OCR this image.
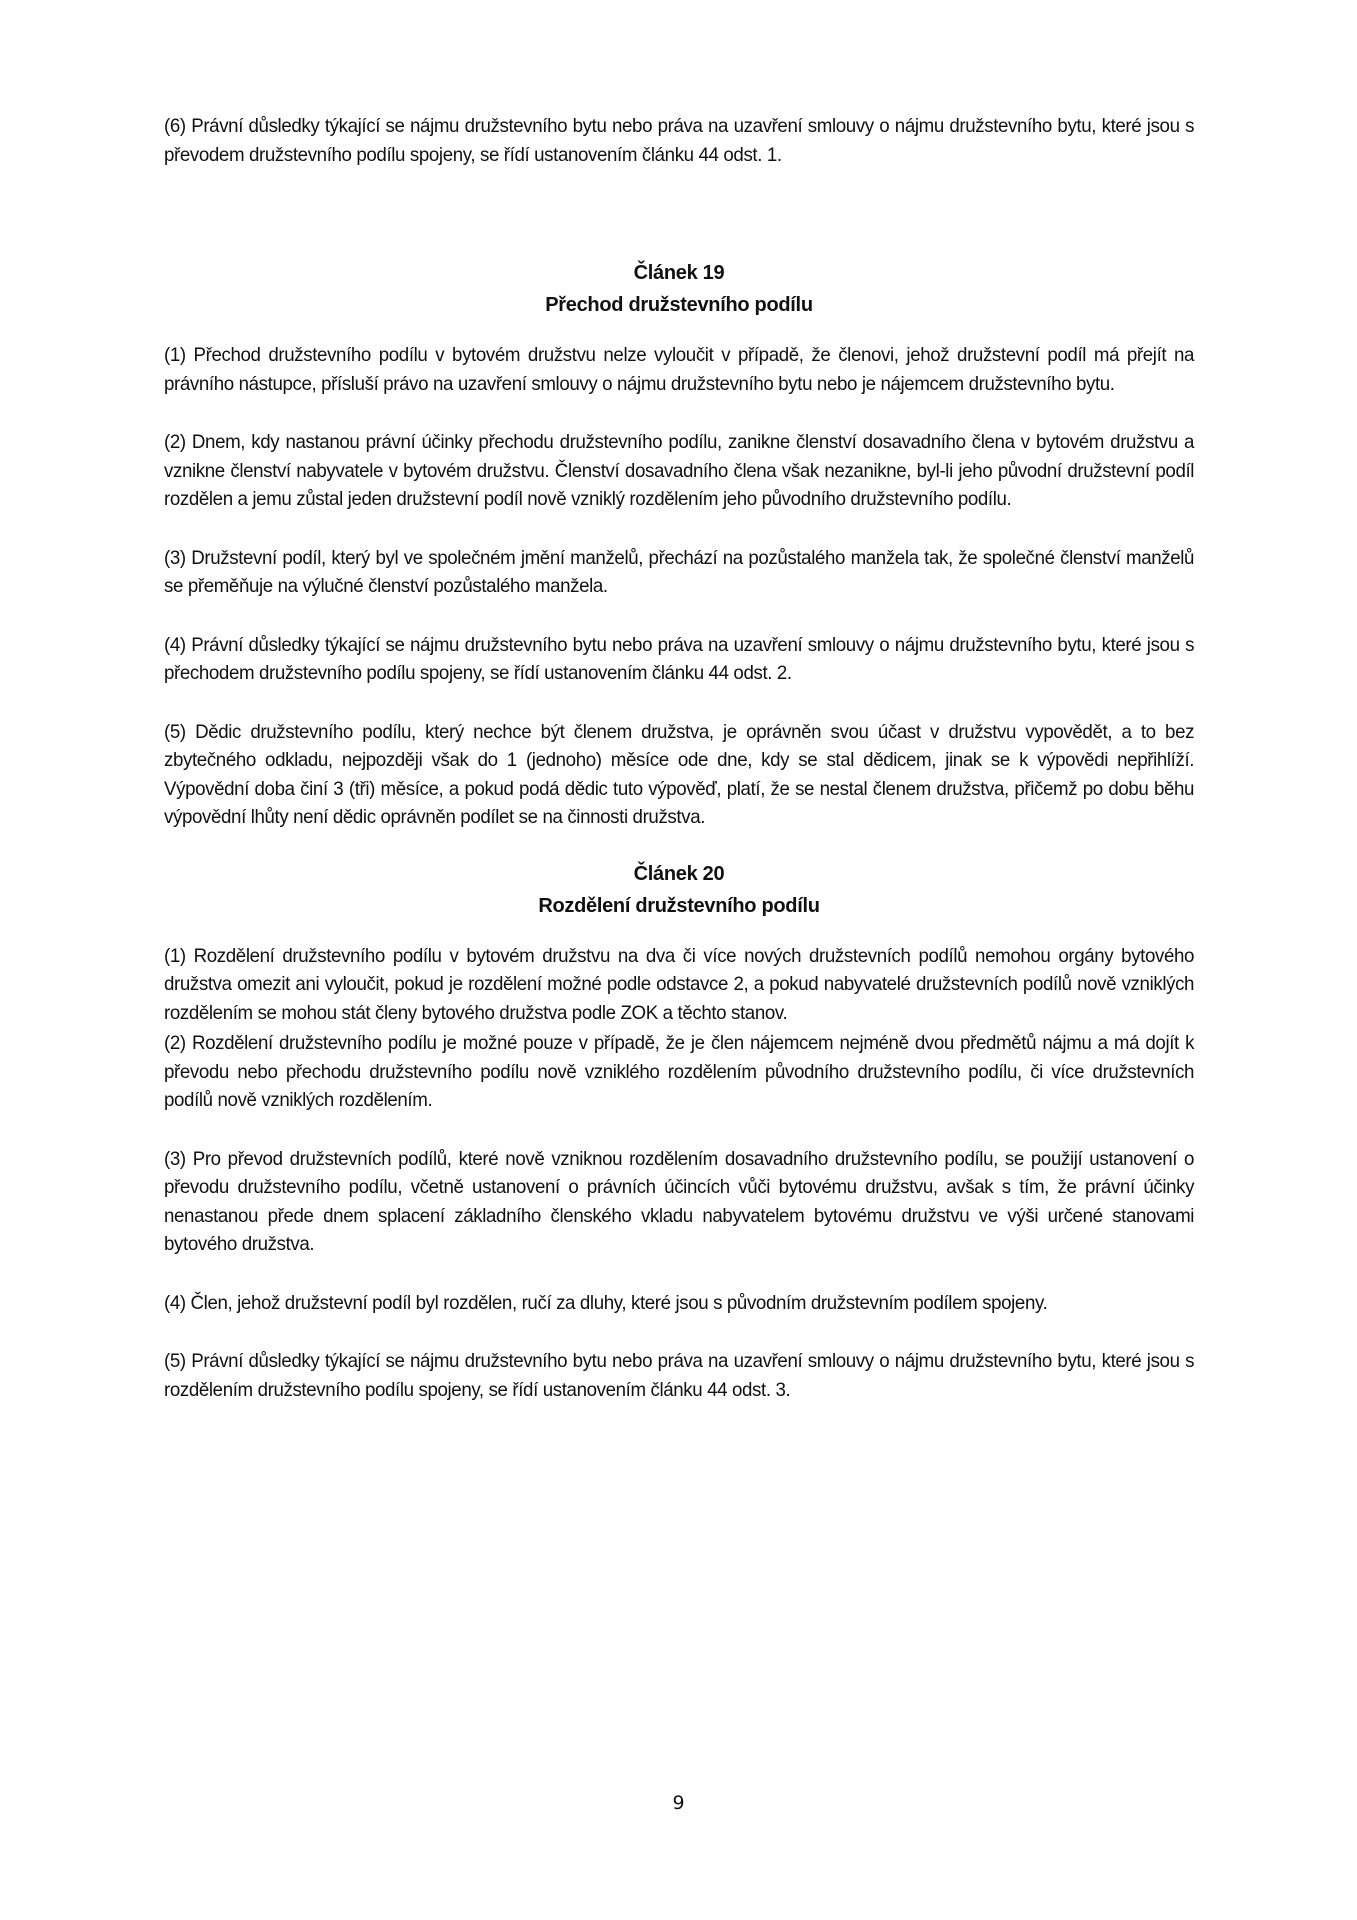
(6) Právní důsledky týkající se nájmu družstevního bytu nebo práva na uzavření smlouvy o nájmu družstevního bytu, které jsou s převodem družstevního podílu spojeny, se řídí ustanovením článku 44 odst. 1.

Článek 19

Přechod družstevního podílu

(1) Přechod družstevního podílu v bytovém družstvu nelze vyloučit v případě, že členovi, jehož družstevní podíl má přejít na právního nástupce, přísluší právo na uzavření smlouvy o nájmu družstevního bytu nebo je nájemcem družstevního bytu.

(2) Dnem, kdy nastanou právní účinky přechodu družstevního podílu, zanikne členství dosavadního člena v bytovém družstvu a vznikne členství nabyvatele v bytovém družstvu. Členství dosavadního člena však nezanikne, byl-li jeho původní družstevní podíl rozdělen a jemu zůstal jeden družstevní podíl nově vzniklý rozdělením jeho původního družstevního podílu.

(3) Družstevní podíl, který byl ve společném jmění manželů, přechází na pozůstalého manžela tak, že společné členství manželů se přeměňuje na výlučné členství pozůstalého manžela.

(4) Právní důsledky týkající se nájmu družstevního bytu nebo práva na uzavření smlouvy o nájmu družstevního bytu, které jsou s přechodem družstevního podílu spojeny, se řídí ustanovením článku 44 odst. 2.

(5) Dědic družstevního podílu, který nechce být členem družstva, je oprávněn svou účast v družstvu vypovědět, a to bez zbytečného odkladu, nejpozději však do 1 (jednoho) měsíce ode dne, kdy se stal dědicem, jinak se k výpovědi nepřihlíží. Výpovědní doba činí 3 (tři) měsíce, a pokud podá dědic tuto výpověď, platí, že se nestal členem družstva, přičemž po dobu běhu výpovědní lhůty není dědic oprávněn podílet se na činnosti družstva.

Článek 20

Rozdělení družstevního podílu

(1) Rozdělení družstevního podílu v bytovém družstvu na dva či více nových družstevních podílů nemohou orgány bytového družstva omezit ani vyloučit, pokud je rozdělení možné podle odstavce 2, a pokud nabyvatelé družstevních podílů nově vzniklých rozdělením se mohou stát členy bytového družstva podle ZOK a těchto stanov.

(2) Rozdělení družstevního podílu je možné pouze v případě, že je člen nájemcem nejméně dvou předmětů nájmu a má dojít k převodu nebo přechodu družstevního podílu nově vzniklého rozdělením původního družstevního podílu, či více družstevních podílů nově vzniklých rozdělením.

(3) Pro převod družstevních podílů, které nově vzniknou rozdělením dosavadního družstevního podílu, se použijí ustanovení o převodu družstevního podílu, včetně ustanovení o právních účincích vůči bytovému družstvu, avšak s tím, že právní účinky nenastanou přede dnem splacení základního členského vkladu nabyvatelem bytovému družstvu ve výši určené stanovami bytového družstva.

(4) Člen, jehož družstevní podíl byl rozdělen, ručí za dluhy, které jsou s původním družstevním podílem spojeny.

(5) Právní důsledky týkající se nájmu družstevního bytu nebo práva na uzavření smlouvy o nájmu družstevního bytu, které jsou s rozdělením družstevního podílu spojeny, se řídí ustanovením článku 44 odst. 3.

9
